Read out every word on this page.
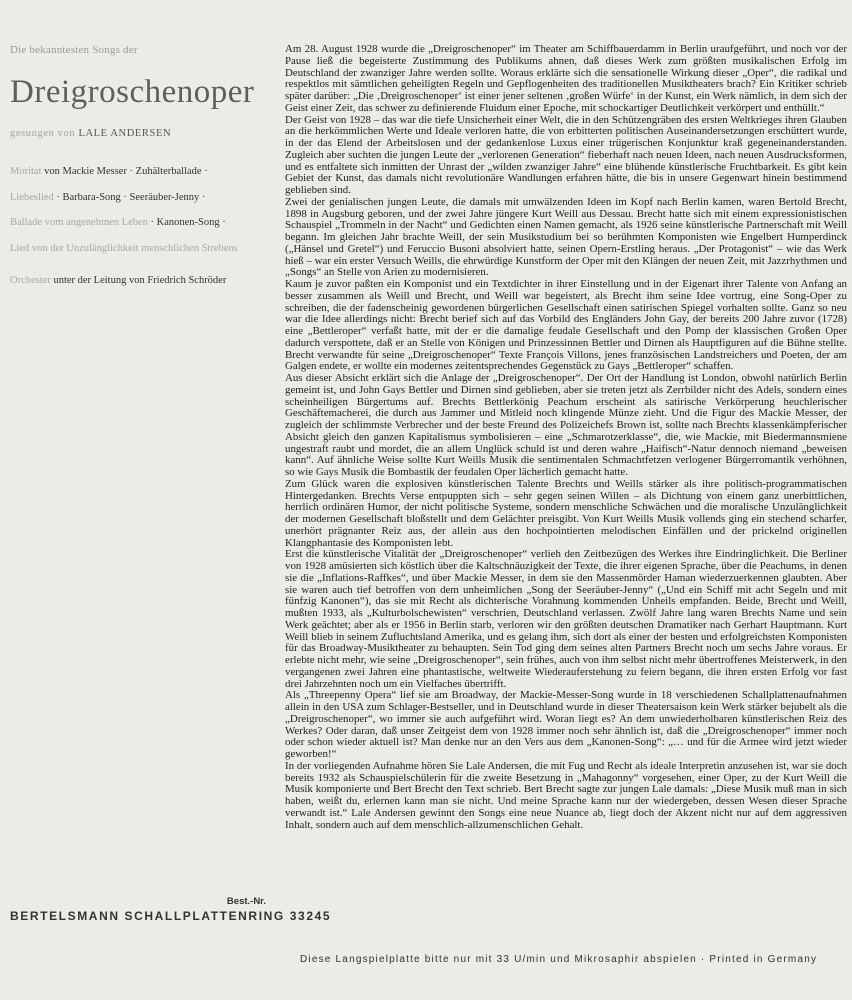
Die bekanntesten Songs der
Dreigroschenoper
gesungen von LALE ANDERSEN
Moritat von Mackie Messer · Zuhälterballade ·
Liebeslied · Barbara-Song · Seeräuber-Jenny ·
Ballade vom angenehmen Leben · Kanonen-Song ·
Lied von der Unzulänglichkeit menschlichen Strebens
Orchester unter der Leitung von Friedrich Schröder
Best.-Nr.
BERTELSMANN SCHALLPLATTENRING 33245

Am 28. August 1928 wurde die „Dreigroschenoper“ im Theater am Schiffbauerdamm in Berlin uraufgeführt, und noch vor der Pause ließ die begeisterte Zustimmung des Publikums ahnen, daß dieses Werk zum größten musikalischen Erfolg im Deutschland der zwanziger Jahre werden sollte. Woraus erklärte sich die sensationelle Wirkung dieser „Oper“, die radikal und respektlos mit sämtlichen geheiligten Regeln und Gepflogenheiten des traditionellen Musiktheaters brach? Ein Kritiker schrieb später darüber: „Die ‚Dreigroschenoper‘ ist einer jener seltenen ‚großen Würfe‘ in der Kunst, ein Werk nämlich, in dem sich der Geist einer Zeit, das schwer zu definierende Fluidum einer Epoche, mit schockartiger Deutlichkeit verkörpert und enthüllt.“

Der Geist von 1928 – das war die tiefe Unsicherheit einer Welt, die in den Schützengräben des ersten Weltkrieges ihren Glauben an die herkömmlichen Werte und Ideale verloren hatte, die von erbitterten politischen Auseinandersetzungen erschüttert wurde, in der das Elend der Arbeitslosen und der gedankenlose Luxus einer trügerischen Konjunktur kraß gegeneinanderstanden. Zugleich aber suchten die jungen Leute der „verlorenen Generation“ fieberhaft nach neuen Ideen, nach neuen Ausdrucksformen, und es entfaltete sich inmitten der Unrast der „wilden zwanziger Jahre“ eine blühende künstlerische Fruchtbarkeit. Es gibt kein Gebiet der Kunst, das damals nicht revolutionäre Wandlungen erfahren hätte, die bis in unsere Gegenwart hinein bestimmend geblieben sind.

Zwei der genialischen jungen Leute, die damals mit umwälzenden Ideen im Kopf nach Berlin kamen, waren Bertold Brecht, 1898 in Augsburg geboren, und der zwei Jahre jüngere Kurt Weill aus Dessau. Brecht hatte sich mit einem expressionistischen Schauspiel „Trommeln in der Nacht“ und Gedichten einen Namen gemacht, als 1926 seine künstlerische Partnerschaft mit Weill begann. Im gleichen Jahr brachte Weill, der sein Musikstudium bei so berühmten Komponisten wie Engelbert Humperdinck („Hänsel und Gretel“) und Feruccio Busoni absolviert hatte, seinen Opern-Erstling heraus. „Der Protagonist“ – wie das Werk hieß – war ein erster Versuch Weills, die ehrwürdige Kunstform der Oper mit den Klängen der neuen Zeit, mit Jazzrhythmen und „Songs“ an Stelle von Arien zu modernisieren.

Kaum je zuvor paßten ein Komponist und ein Textdichter in ihrer Einstellung und in der Eigenart ihrer Talente von Anfang an besser zusammen als Weill und Brecht, und Weill war begeistert, als Brecht ihm seine Idee vortrug, eine Song-Oper zu schreiben, die der fadenscheinig gewordenen bürgerlichen Gesellschaft einen satirischen Spiegel vorhalten sollte. Ganz so neu war die Idee allerdings nicht: Brecht berief sich auf das Vorbild des Engländers John Gay, der bereits 200 Jahre zuvor (1728) eine „Bettleroper“ verfaßt hatte, mit der er die damalige feudale Gesellschaft und den Pomp der klassischen Großen Oper dadurch verspottete, daß er an Stelle von Königen und Prinzessinnen Bettler und Dirnen als Hauptfiguren auf die Bühne stellte. Brecht verwandte für seine „Dreigroschenoper“ Texte François Villons, jenes französischen Landstreichers und Poeten, der am Galgen endete, er wollte ein modernes zeitentsprechendes Gegenstück zu Gays „Bettleroper“ schaffen.

Aus dieser Absicht erklärt sich die Anlage der „Dreigroschenoper“. Der Ort der Handlung ist London, obwohl natürlich Berlin gemeint ist, und John Gays Bettler und Dirnen sind geblieben, aber sie treten jetzt als Zerrbilder nicht des Adels, sondern eines scheinheiligen Bürgertums auf. Brechts Bettlerkönig Peachum erscheint als satirische Verkörperung heuchlerischer Geschäftemacherei, die durch aus Jammer und Mitleid noch klingende Münze zieht. Und die Figur des Mackie Messer, der zugleich der schlimmste Verbrecher und der beste Freund des Polizeichefs Brown ist, sollte nach Brechts klassenkämpferischer Absicht gleich den ganzen Kapitalismus symbolisieren – eine „Schmarotzerklasse“, die, wie Mackie, mit Biedermannsmiene ungestraft raubt und mordet, die an allem Unglück schuld ist und deren wahre „Haifisch“-Natur dennoch niemand „beweisen kann“. Auf ähnliche Weise sollte Kurt Weills Musik die sentimentalen Schmachtfetzen verlogener Bürgerromantik verhöhnen, so wie Gays Musik die Bombastik der feudalen Oper lächerlich gemacht hatte.

Zum Glück waren die explosiven künstlerischen Talente Brechts und Weills stärker als ihre politisch-programmatischen Hintergedanken. Brechts Verse entpuppten sich – sehr gegen seinen Willen – als Dichtung von einem ganz unerbittlichen, herrlich ordinären Humor, der nicht politische Systeme, sondern menschliche Schwächen und die moralische Unzulänglichkeit der modernen Gesellschaft bloßstellt und dem Gelächter preisgibt. Von Kurt Weills Musik vollends ging ein stechend scharfer, unerhört prägnanter Reiz aus, der allein aus den hochpointierten melodischen Einfällen und der prickelnd originellen Klangphantasie des Komponisten lebt.

Erst die künstlerische Vitalität der „Dreigroschenoper“ verlieh den Zeitbezügen des Werkes ihre Eindringlichkeit. Die Berliner von 1928 amüsierten sich köstlich über die Kaltschnäuzigkeit der Texte, die ihrer eigenen Sprache, über die Peachums, in denen sie die „Inflations-Raffkes“, und über Mackie Messer, in dem sie den Massenmörder Haman wiederzuerkennen glaubten. Aber sie waren auch tief betroffen von dem unheimlichen „Song der Seeräuber-Jenny“ („Und ein Schiff mit acht Segeln und mit fünfzig Kanonen“), das sie mit Recht als dichterische Vorahnung kommenden Unheils empfanden. Beide, Brecht und Weill, mußten 1933, als „Kulturbolschewisten“ verschrien, Deutschland verlassen. Zwölf Jahre lang waren Brechts Name und sein Werk geächtet; aber als er 1956 in Berlin starb, verloren wir den größten deutschen Dramatiker nach Gerhart Hauptmann. Kurt Weill blieb in seinem Zufluchtsland Amerika, und es gelang ihm, sich dort als einer der besten und erfolgreichsten Komponisten für das Broadway-Musiktheater zu behaupten. Sein Tod ging dem seines alten Partners Brecht noch um sechs Jahre voraus. Er erlebte nicht mehr, wie seine „Dreigroschenoper“, sein frühes, auch von ihm selbst nicht mehr übertroffenes Meisterwerk, in den vergangenen zwei Jahren eine phantastische, weltweite Wiederauferstehung zu feiern begann, die ihren ersten Erfolg vor fast drei Jahrzehnten noch um ein Vielfaches übertrifft.

Als „Threepenny Opera“ lief sie am Broadway, der Mackie-Messer-Song wurde in 18 verschiedenen Schallplattenaufnahmen allein in den USA zum Schlager-Bestseller, und in Deutschland wurde in dieser Theatersaison kein Werk stärker bejubelt als die „Dreigroschenoper“, wo immer sie auch aufgeführt wird. Woran liegt es? An dem unwiederholbaren künstlerischen Reiz des Werkes? Oder daran, daß unser Zeitgeist dem von 1928 immer noch sehr ähnlich ist, daß die „Dreigroschenoper“ immer noch oder schon wieder aktuell ist? Man denke nur an den Vers aus dem „Kanonen-Song“: „… und für die Armee wird jetzt wieder geworben!“

In der vorliegenden Aufnahme hören Sie Lale Andersen, die mit Fug und Recht als ideale Interpretin anzusehen ist, war sie doch bereits 1932 als Schauspielschülerin für die zweite Besetzung in „Mahagonny“ vorgesehen, einer Oper, zu der Kurt Weill die Musik komponierte und Bert Brecht den Text schrieb. Bert Brecht sagte zur jungen Lale damals: „Diese Musik muß man in sich haben, weißt du, erlernen kann man sie nicht. Und meine Sprache kann nur der wiedergeben, dessen Wesen dieser Sprache verwandt ist.“ Lale Andersen gewinnt den Songs eine neue Nuance ab, liegt doch der Akzent nicht nur auf dem aggressiven Inhalt, sondern auch auf dem menschlich-allzumenschlichen Gehalt.

Diese Langspielplatte bitte nur mit 33 U/min und Mikrosaphir abspielen · Printed in Germany
